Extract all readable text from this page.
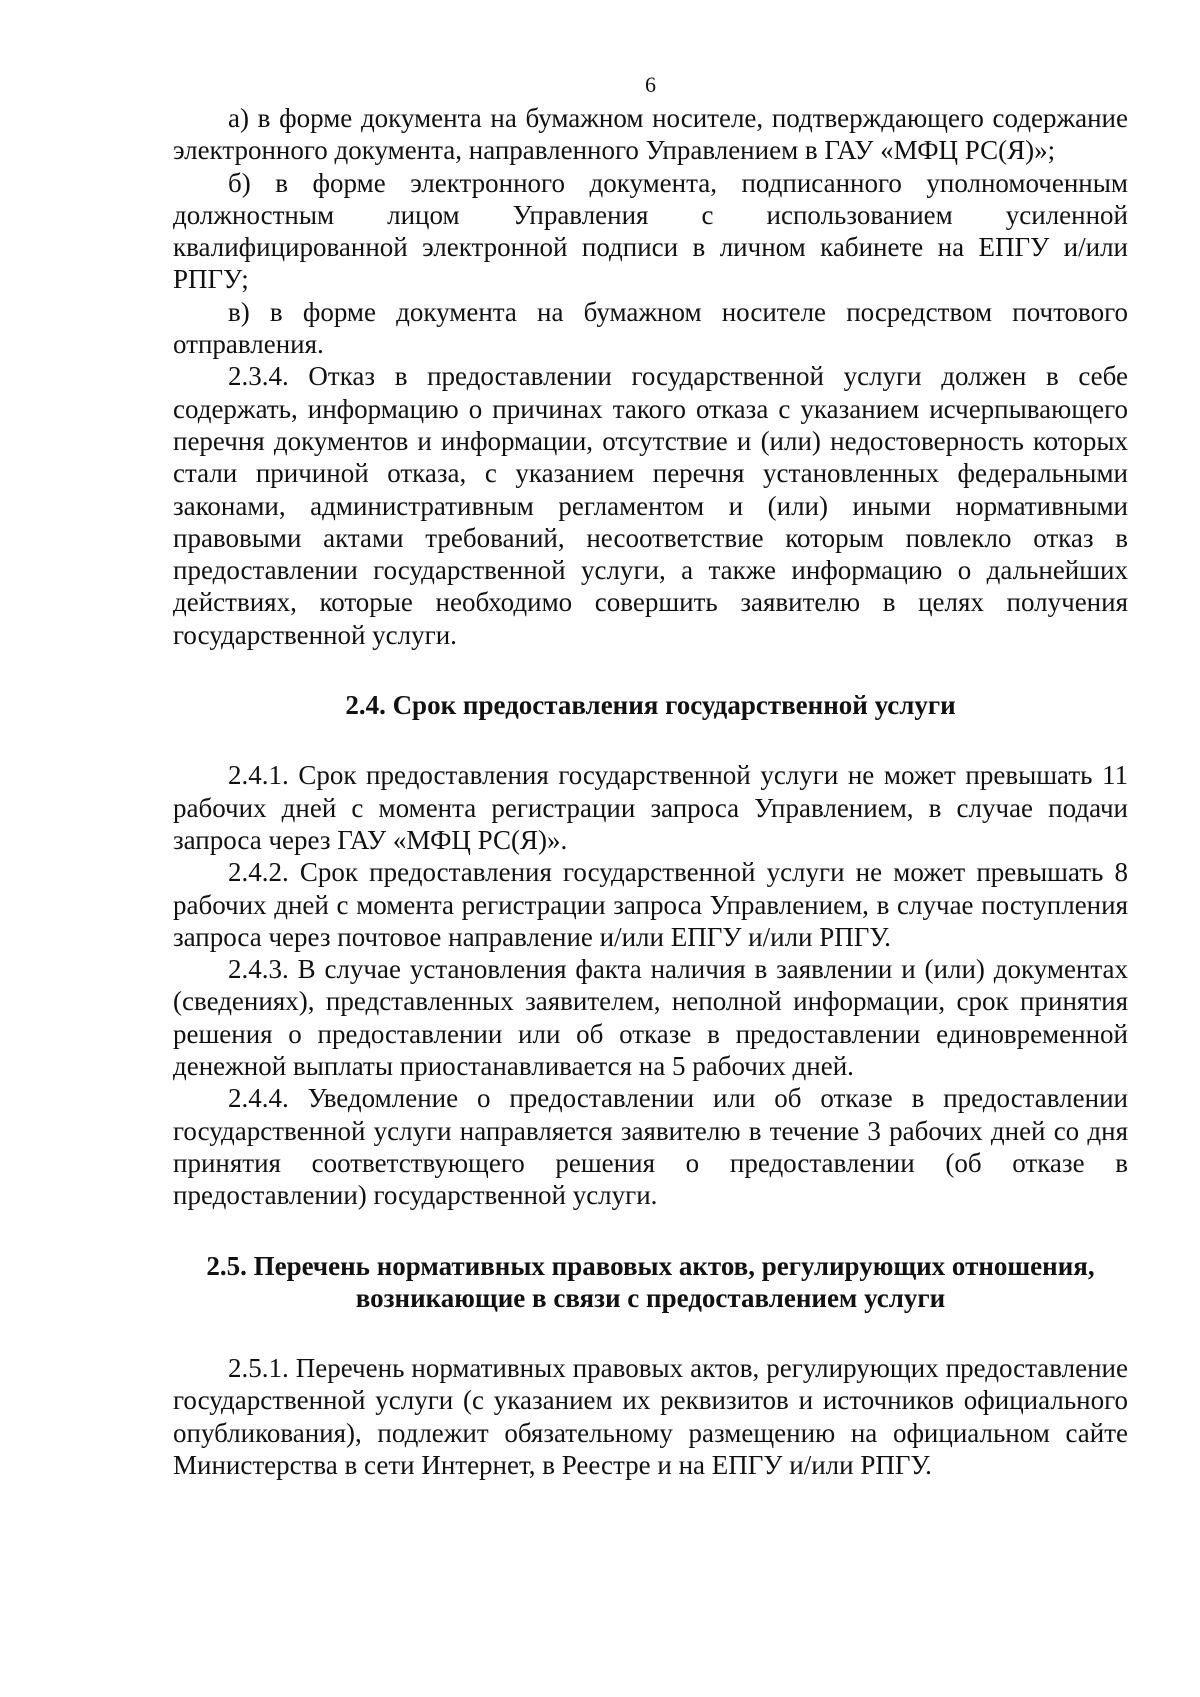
6

а) в форме документа на бумажном носителе, подтверждающего содержание электронного документа, направленного Управлением в ГАУ «МФЦ РС(Я)»;

б) в форме электронного документа, подписанного уполномоченным должностным лицом Управления с использованием усиленной квалифицированной электронной подписи в личном кабинете на ЕПГУ и/или РПГУ;

в) в форме документа на бумажном носителе посредством почтового отправления.

2.3.4. Отказ в предоставлении государственной услуги должен в себе содержать, информацию о причинах такого отказа с указанием исчерпывающего перечня документов и информации, отсутствие и (или) недостоверность которых стали причиной отказа, с указанием перечня установленных федеральными законами, административным регламентом и (или) иными нормативными правовыми актами требований, несоответствие которым повлекло отказ в предоставлении государственной услуги, а также информацию о дальнейших действиях, которые необходимо совершить заявителю в целях получения государственной услуги.

2.4. Срок предоставления государственной услуги

2.4.1. Срок предоставления государственной услуги не может превышать 11 рабочих дней с момента регистрации запроса Управлением, в случае подачи запроса через ГАУ «МФЦ РС(Я)».

2.4.2. Срок предоставления государственной услуги не может превышать 8 рабочих дней с момента регистрации запроса Управлением, в случае поступления запроса через почтовое направление и/или ЕПГУ и/или РПГУ.

2.4.3. В случае установления факта наличия в заявлении и (или) документах (сведениях), представленных заявителем, неполной информации, срок принятия решения о предоставлении или об отказе в предоставлении единовременной денежной выплаты приостанавливается на 5 рабочих дней.

2.4.4. Уведомление о предоставлении или об отказе в предоставлении государственной услуги направляется заявителю в течение 3 рабочих дней со дня принятия соответствующего решения о предоставлении (об отказе в предоставлении) государственной услуги.

2.5. Перечень нормативных правовых актов, регулирующих отношения, возникающие в связи с предоставлением услуги

2.5.1. Перечень нормативных правовых актов, регулирующих предоставление государственной услуги (с указанием их реквизитов и источников официального опубликования), подлежит обязательному размещению на официальном сайте Министерства в сети Интернет, в Реестре и на ЕПГУ и/или РПГУ.
